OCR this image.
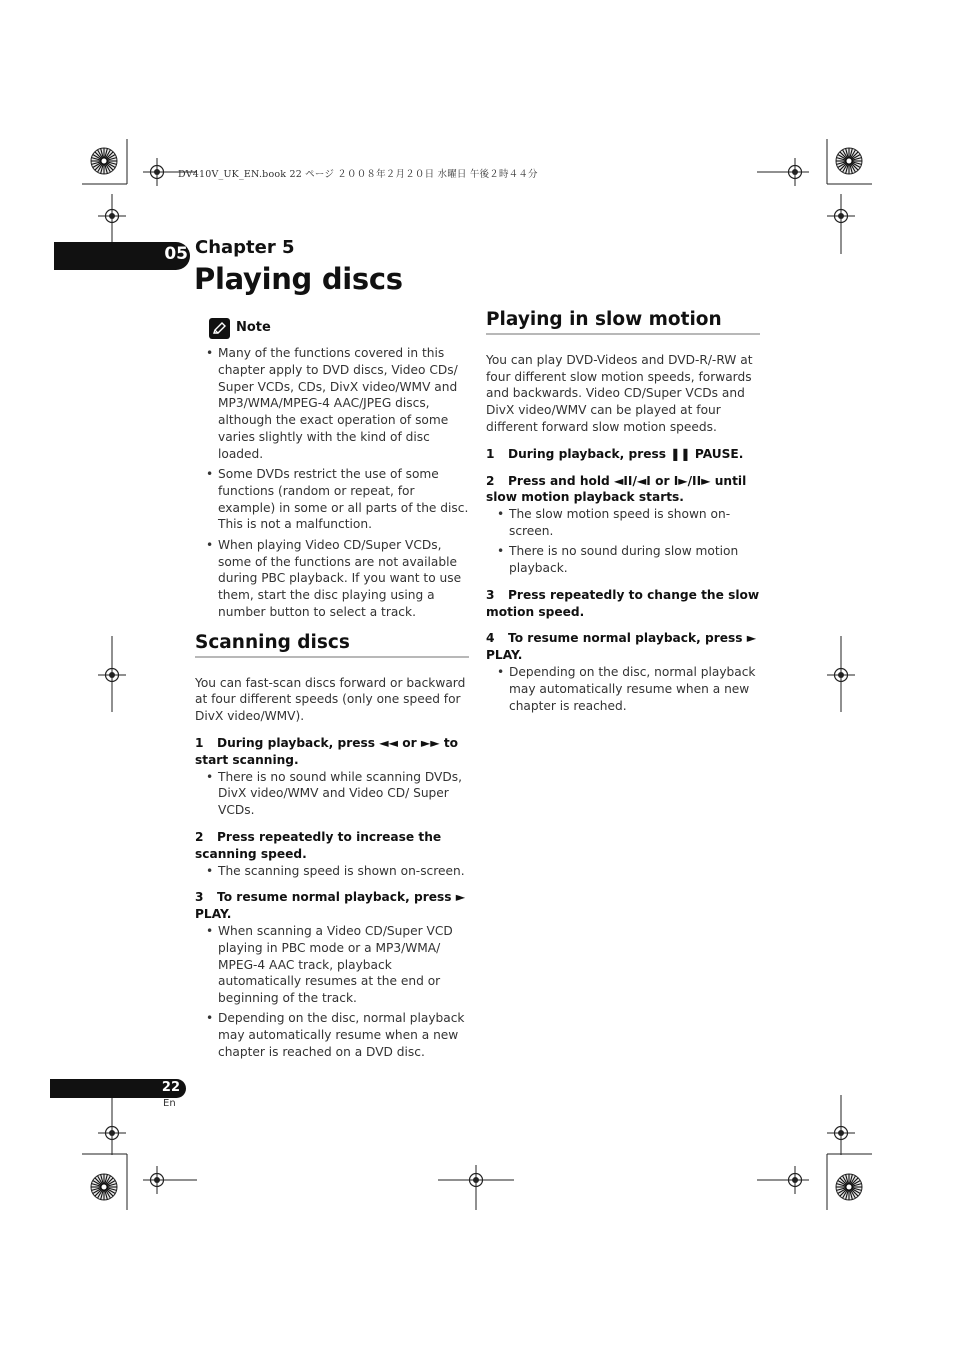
DV410V_UK_EN.book 22 ページ ２００８年２月２０日 水曜日 午後２時４４分
05 Chapter 5
Playing discs
Note
• Many of the functions covered in this chapter apply to DVD discs, Video CDs/ Super VCDs, CDs, DivX video/WMV and MP3/WMA/MPEG-4 AAC/JPEG discs, although the exact operation of some varies slightly with the kind of disc loaded.
• Some DVDs restrict the use of some functions (random or repeat, for example) in some or all parts of the disc. This is not a malfunction.
• When playing Video CD/Super VCDs, some of the functions are not available during PBC playback. If you want to use them, start the disc playing using a number button to select a track.
Scanning discs

You can fast-scan discs forward or backward at four different speeds (only one speed for DivX video/WMV).

1 During playback, press ◄◄ or ►► to start scanning.

• There is no sound while scanning DVDs, DivX video/WMV and Video CD/ Super VCDs.

2 Press repeatedly to increase the scanning speed.

• The scanning speed is shown on-screen.

3 To resume normal playback, press ► PLAY.

• When scanning a Video CD/Super VCD playing in PBC mode or a MP3/WMA/ MPEG-4 AAC track, playback automatically resumes at the end or beginning of the track.
• Depending on the disc, normal playback may automatically resume when a new chapter is reached on a DVD disc.
Playing in slow motion

You can play DVD-Videos and DVD-R/-RW at four different slow motion speeds, forwards and backwards. Video CD/Super VCDs and DivX video/WMV can be played at four different forward slow motion speeds.

1 During playback, press ❚❚ PAUSE.

2 Press and hold ◄II/◄I or I►/II► until slow motion playback starts.

• The slow motion speed is shown on-screen.
• There is no sound during slow motion playback.

3 Press repeatedly to change the slow motion speed.

4 To resume normal playback, press ► PLAY.

• Depending on the disc, normal playback may automatically resume when a new chapter is reached.
22
En
